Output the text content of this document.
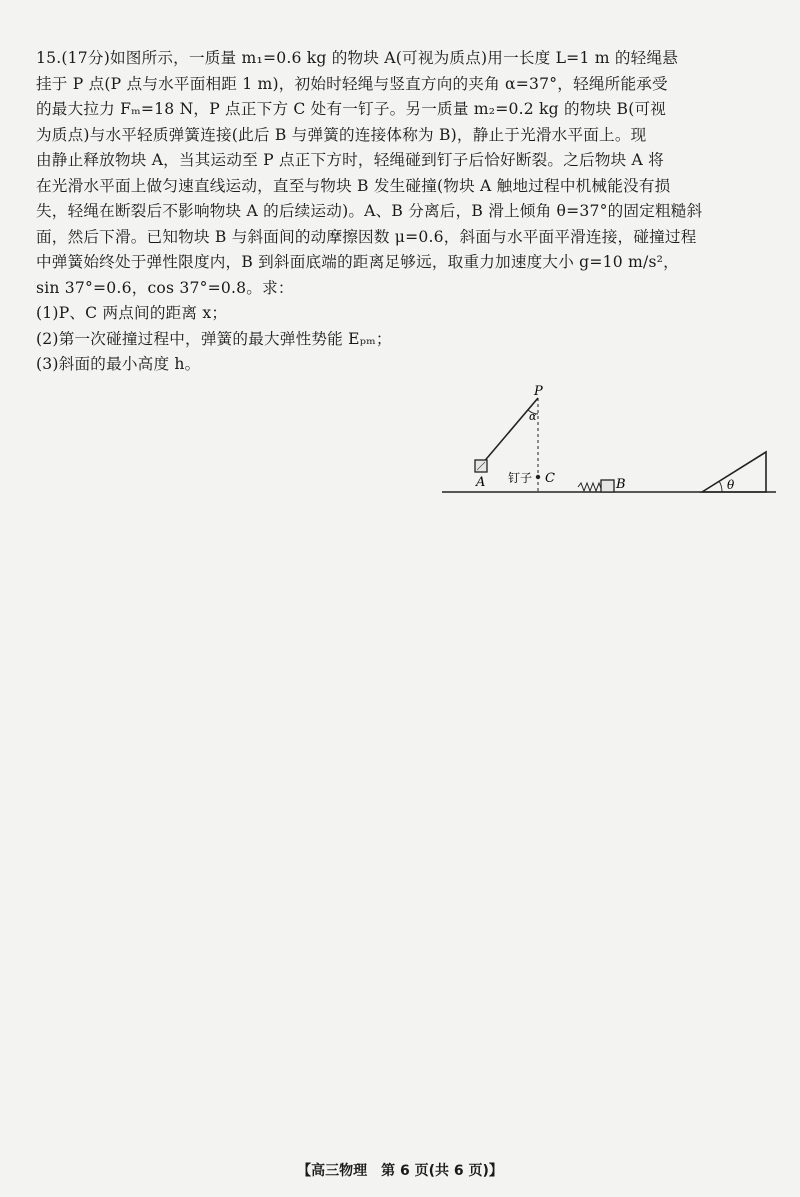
15.(17分)如图所示，一质量 m₁=0.6 kg 的物块 A(可视为质点)用一长度 L=1 m 的轻绳悬
挂于 P 点(P 点与水平面相距 1 m)，初始时轻绳与竖直方向的夹角 α=37°，轻绳所能承受
的最大拉力 Fₘ=18 N，P 点正下方 C 处有一钉子。另一质量 m₂=0.2 kg 的物块 B(可视
为质点)与水平轻质弹簧连接(此后 B 与弹簧的连接体称为 B)，静止于光滑水平面上。现
由静止释放物块 A，当其运动至 P 点正下方时，轻绳碰到钉子后恰好断裂。之后物块 A 将
在光滑水平面上做匀速直线运动，直至与物块 B 发生碰撞(物块 A 触地过程中机械能没有损
失，轻绳在断裂后不影响物块 A 的后续运动)。A、B 分离后，B 滑上倾角 θ=37°的固定粗糙斜
面，然后下滑。已知物块 B 与斜面间的动摩擦因数 μ=0.6，斜面与水平面平滑连接，碰撞过程
中弹簧始终处于弹性限度内，B 到斜面底端的距离足够远，取重力加速度大小 g=10 m/s²，
sin 37°=0.6，cos 37°=0.8。求：
(1)P、C 两点间的距离 x；
(2)第一次碰撞过程中，弹簧的最大弹性势能 Eₚₘ；
(3)斜面的最小高度 h。
P
α
A 钉子 C	B	θ
【高三物理　第 6 页(共 6 页)】
